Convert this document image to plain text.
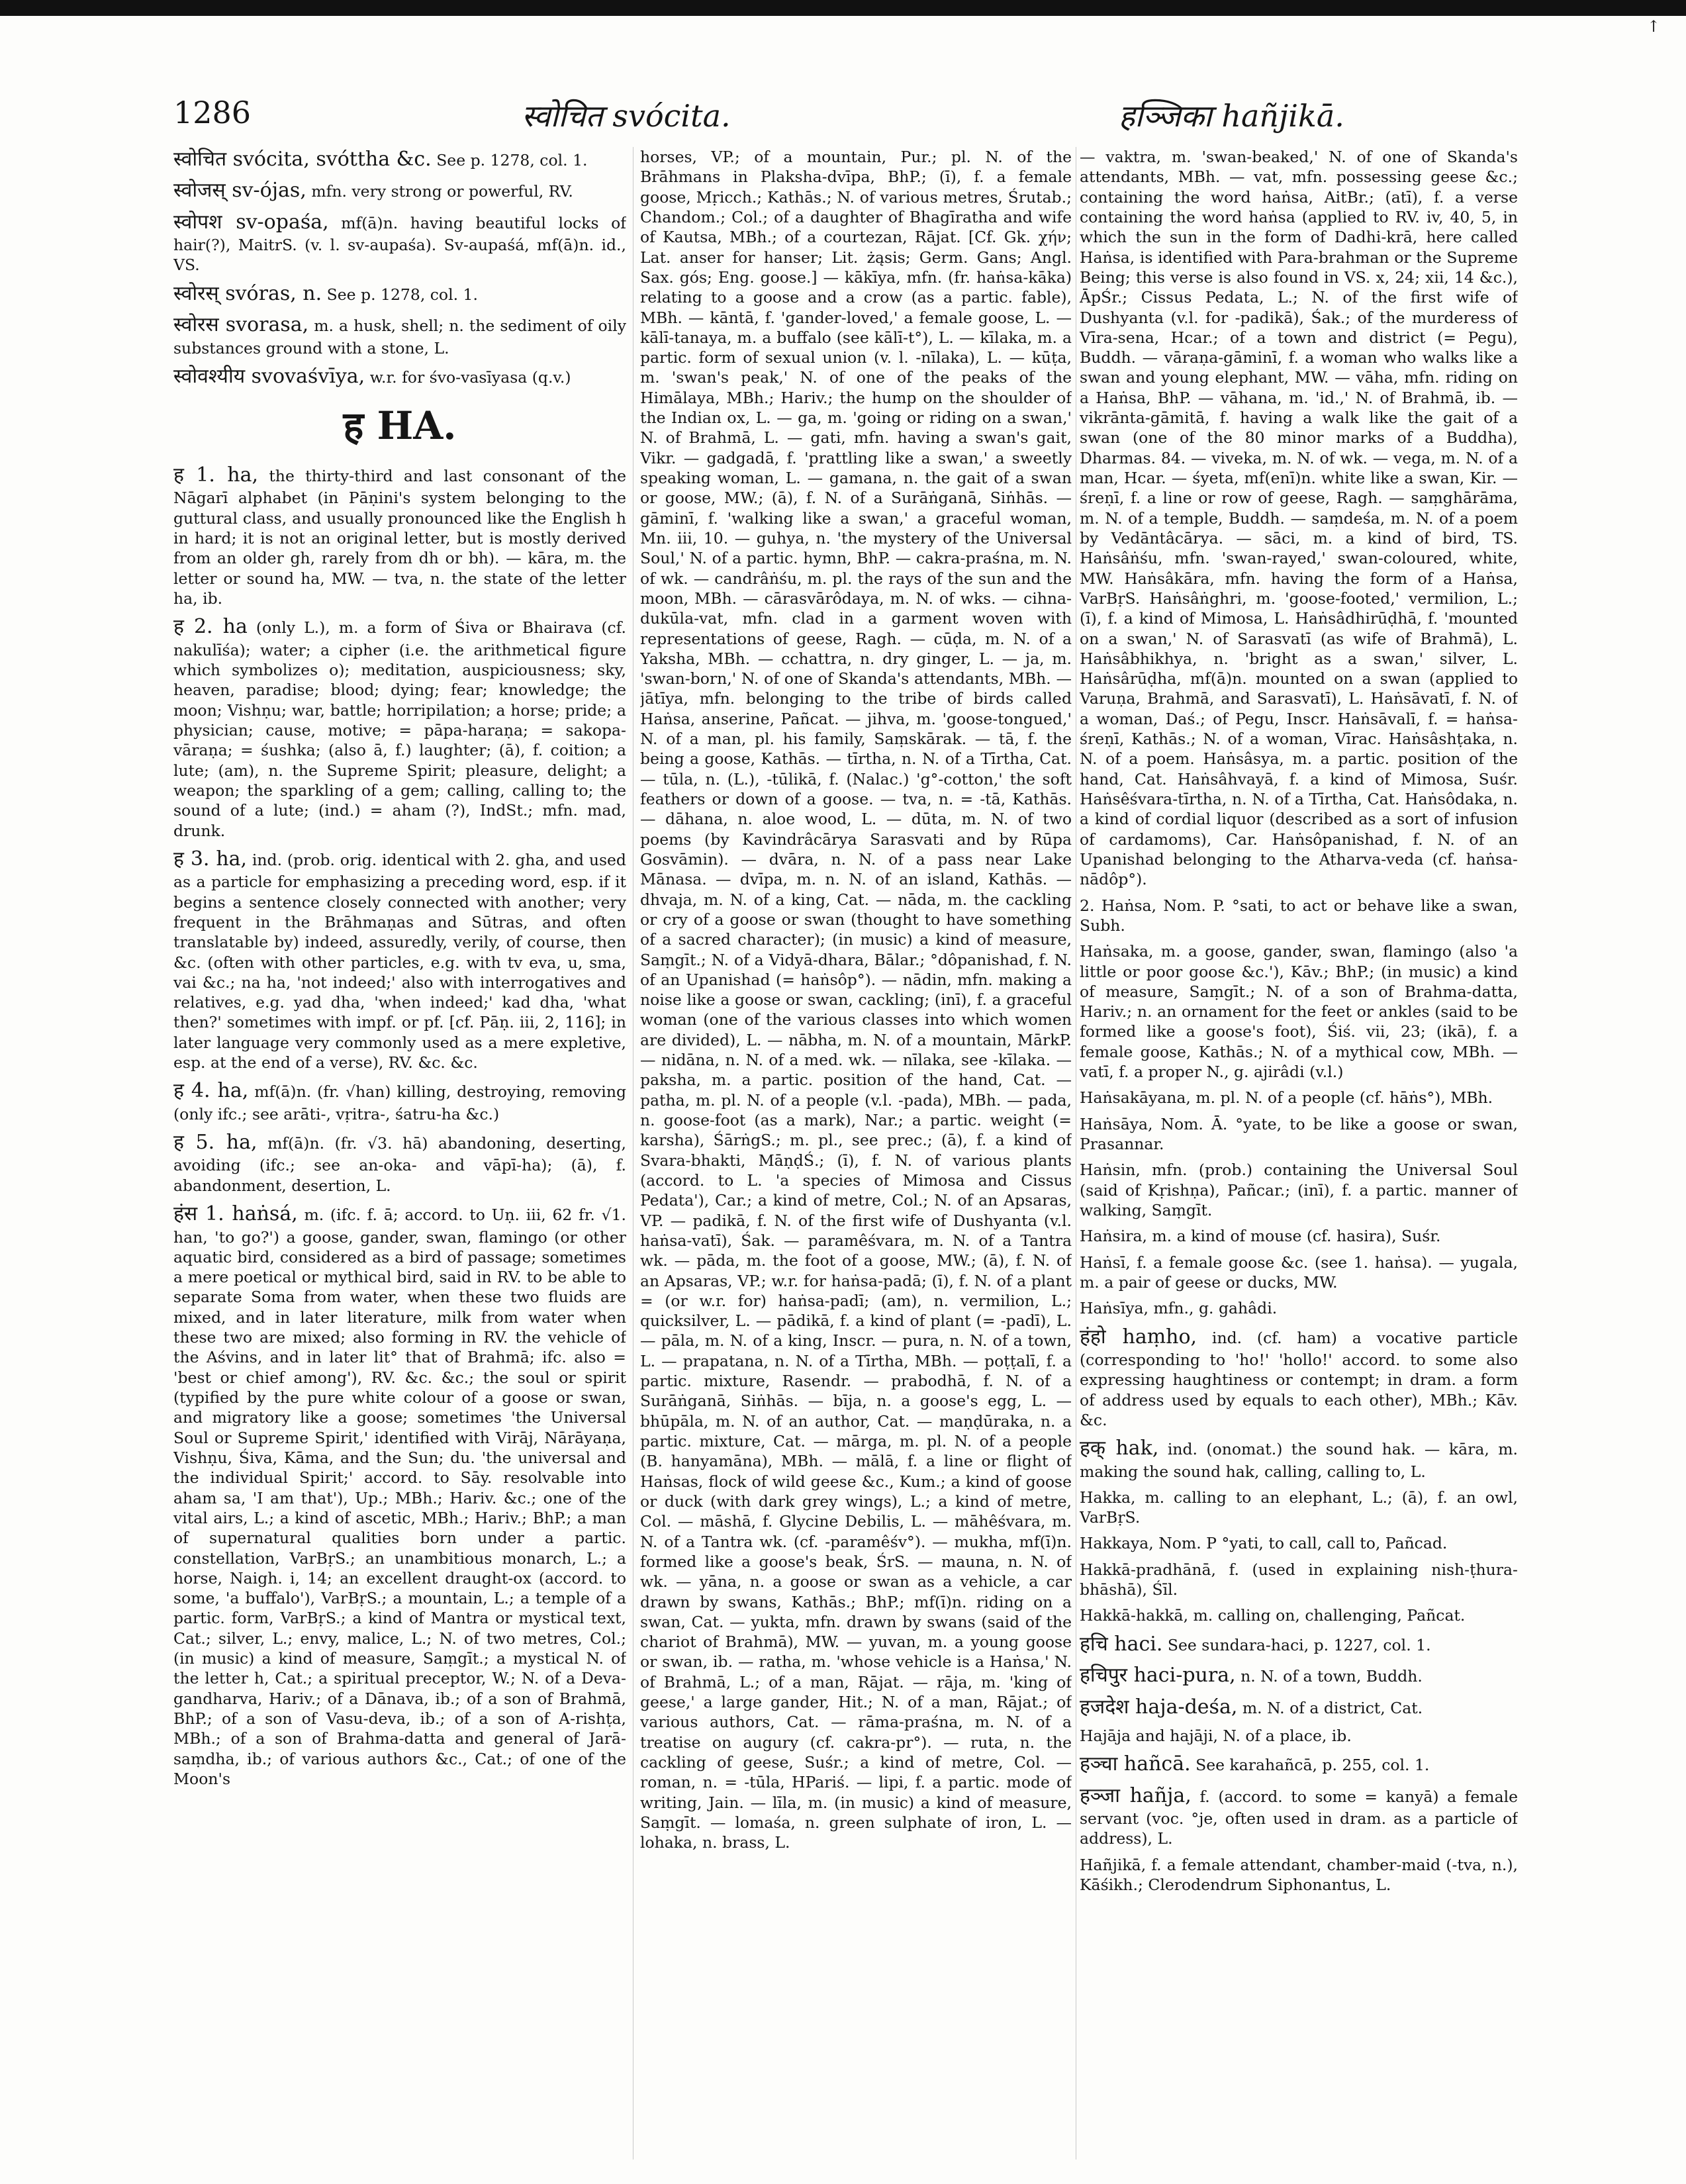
↑
1286	स्वोचित svócita.	हञ्जिका hañjikā.

स्वोचित svócita, svóttha &c. See p. 1278, col. 1.

स्वोजस् sv-ójas, mfn. very strong or powerful, RV.

स्वोपश sv-opaśa, mf(ā)n. having beautiful locks of hair(?), MaitrS. (v. l. sv-aupaśa). Sv-aupaśá, mf(ā)n. id., VS.

स्वोरस् svóras, n. See p. 1278, col. 1.

स्वोरस svorasa, m. a husk, shell; n. the sediment of oily substances ground with a stone, L.

स्वोवश्यीय svovaśvīya, w.r. for śvo-vasīyasa (q.v.)

ह HA.

ह 1. ha, the thirty-third and last consonant of the Nāgarī alphabet (in Pāṇini's system belonging to the guttural class, and usually pronounced like the English h in hard; it is not an original letter, but is mostly derived from an older gh, rarely from dh or bh). — kāra, m. the letter or sound ha, MW. — tva, n. the state of the letter ha, ib.

ह 2. ha (only L.), m. a form of Śiva or Bhairava (cf. nakulīśa); water; a cipher (i.e. the arithmetical figure which symbolizes o); meditation, auspiciousness; sky, heaven, paradise; blood; dying; fear; knowledge; the moon; Vishṇu; war, battle; horripilation; a horse; pride; a physician; cause, motive; = pāpa-haraṇa; = sakopa-vāraṇa; = śushka; (also ā, f.) laughter; (ā), f. coition; a lute; (am), n. the Supreme Spirit; pleasure, delight; a weapon; the sparkling of a gem; calling, calling to; the sound of a lute; (ind.) = aham (?), IndSt.; mfn. mad, drunk.

ह 3. ha, ind. (prob. orig. identical with 2. gha, and used as a particle for emphasizing a preceding word, esp. if it begins a sentence closely connected with another; very frequent in the Brāhmaṇas and Sūtras, and often translatable by) indeed, assuredly, verily, of course, then &c. (often with other particles, e.g. with tv eva, u, sma, vai &c.; na ha, 'not indeed;' also with interrogatives and relatives, e.g. yad dha, 'when indeed;' kad dha, 'what then?' sometimes with impf. or pf. [cf. Pāṇ. iii, 2, 116]; in later language very commonly used as a mere expletive, esp. at the end of a verse), RV. &c. &c.

ह 4. ha, mf(ā)n. (fr. √han) killing, destroying, removing (only ifc.; see arāti-, vṛitra-, śatru-ha &c.)

ह 5. ha, mf(ā)n. (fr. √3. hā) abandoning, deserting, avoiding (ifc.; see an-oka- and vāpī-ha); (ā), f. abandonment, desertion, L.

हंस 1. haṅsá, m. (ifc. f. ā; accord. to Uṇ. iii, 62 fr. √1. han, 'to go?') a goose, gander, swan, flamingo (or other aquatic bird, considered as a bird of passage; sometimes a mere poetical or mythical bird, said in RV. to be able to separate Soma from water, when these two fluids are mixed, and in later literature, milk from water when these two are mixed; also forming in RV. the vehicle of the Aśvins, and in later lit° that of Brahmā; ifc. also = 'best or chief among'), RV. &c. &c.; the soul or spirit (typified by the pure white colour of a goose or swan, and migratory like a goose; sometimes 'the Universal Soul or Supreme Spirit,' identified with Virāj, Nārāyaṇa, Vishṇu, Śiva, Kāma, and the Sun; du. 'the universal and the individual Spirit;' accord. to Sāy. resolvable into aham sa, 'I am that'), Up.; MBh.; Hariv. &c.; one of the vital airs, L.; a kind of ascetic, MBh.; Hariv.; BhP.; a man of supernatural qualities born under a partic. constellation, VarBṛS.; an unambitious monarch, L.; a horse, Naigh. i, 14; an excellent draught-ox (accord. to some, 'a buffalo'), VarBṛS.; a mountain, L.; a temple of a partic. form, VarBṛS.; a kind of Mantra or mystical text, Cat.; silver, L.; envy, malice, L.; N. of two metres, Col.; (in music) a kind of measure, Saṃgīt.; a mystical N. of the letter h, Cat.; a spiritual preceptor, W.; N. of a Deva-gandharva, Hariv.; of a Dānava, ib.; of a son of Brahmā, BhP.; of a son of Vasu-deva, ib.; of a son of A-rishṭa, MBh.; of a son of Brahma-datta and general of Jarā-saṃdha, ib.; of various authors &c., Cat.; of one of the Moon's

horses, VP.; of a mountain, Pur.; pl. N. of the Brāhmans in Plaksha-dvīpa, BhP.; (ī), f. a female goose, Mṛicch.; Kathās.; N. of various metres, Śrutab.; Chandom.; Col.; of a daughter of Bhagīratha and wife of Kautsa, MBh.; of a courtezan, Rājat. [Cf. Gk. χήν; Lat. anser for hanser; Lit. żąsis; Germ. Gans; Angl. Sax. gós; Eng. goose.] — kākīya, mfn. (fr. haṅsa-kāka) relating to a goose and a crow (as a partic. fable), MBh. — kāntā, f. 'gander-loved,' a female goose, L. — kālī-tanaya, m. a buffalo (see kālī-t°), L. — kīlaka, m. a partic. form of sexual union (v. l. -nīlaka), L. — kūṭa, m. 'swan's peak,' N. of one of the peaks of the Himālaya, MBh.; Hariv.; the hump on the shoulder of the Indian ox, L. — ga, m. 'going or riding on a swan,' N. of Brahmā, L. — gati, mfn. having a swan's gait, Vikr. — gadgadā, f. 'prattling like a swan,' a sweetly speaking woman, L. — gamana, n. the gait of a swan or goose, MW.; (ā), f. N. of a Surāṅganā, Siṅhās. — gāminī, f. 'walking like a swan,' a graceful woman, Mn. iii, 10. — guhya, n. 'the mystery of the Universal Soul,' N. of a partic. hymn, BhP. — cakra-praśna, m. N. of wk. — candrâṅśu, m. pl. the rays of the sun and the moon, MBh. — cārasvārôdaya, m. N. of wks. — cihna-dukūla-vat, mfn. clad in a garment woven with representations of geese, Ragh. — cūḍa, m. N. of a Yaksha, MBh. — cchattra, n. dry ginger, L. — ja, m. 'swan-born,' N. of one of Skanda's attendants, MBh. — jātīya, mfn. belonging to the tribe of birds called Haṅsa, anserine, Pañcat. — jihva, m. 'goose-tongued,' N. of a man, pl. his family, Saṃskārak. — tā, f. the being a goose, Kathās. — tīrtha, n. N. of a Tīrtha, Cat. — tūla, n. (L.), -tūlikā, f. (Nalac.) 'g°-cotton,' the soft feathers or down of a goose. — tva, n. = -tā, Kathās. — dāhana, n. aloe wood, L. — dūta, m. N. of two poems (by Kavindrâcārya Sarasvati and by Rūpa Gosvāmin). — dvāra, n. N. of a pass near Lake Mānasa. — dvīpa, m. n. N. of an island, Kathās. — dhvaja, m. N. of a king, Cat. — nāda, m. the cackling or cry of a goose or swan (thought to have something of a sacred character); (in music) a kind of measure, Saṃgīt.; N. of a Vidyā-dhara, Bālar.; °dôpanishad, f. N. of an Upanishad (= haṅsôp°). — nādin, mfn. making a noise like a goose or swan, cackling; (inī), f. a graceful woman (one of the various classes into which women are divided), L. — nābha, m. N. of a mountain, MārkP. — nidāna, n. N. of a med. wk. — nīlaka, see -kīlaka. — paksha, m. a partic. position of the hand, Cat. — patha, m. pl. N. of a people (v.l. -pada), MBh. — pada, n. goose-foot (as a mark), Nar.; a partic. weight (= karsha), ŚārṅgS.; m. pl., see prec.; (ā), f. a kind of Svara-bhakti, MāṇḍŚ.; (ī), f. N. of various plants (accord. to L. 'a species of Mimosa and Cissus Pedata'), Car.; a kind of metre, Col.; N. of an Apsaras, VP. — padikā, f. N. of the first wife of Dushyanta (v.l. haṅsa-vatī), Śak. — paramêśvara, m. N. of a Tantra wk. — pāda, m. the foot of a goose, MW.; (ā), f. N. of an Apsaras, VP.; w.r. for haṅsa-padā; (ī), f. N. of a plant = (or w.r. for) haṅsa-padī; (am), n. vermilion, L.; quicksilver, L. — pādikā, f. a kind of plant (= -padī), L. — pāla, m. N. of a king, Inscr. — pura, n. N. of a town, L. — prapatana, n. N. of a Tīrtha, MBh. — poṭṭalī, f. a partic. mixture, Rasendr. — prabodhā, f. N. of a Surāṅganā, Siṅhās. — bīja, n. a goose's egg, L. — bhūpāla, m. N. of an author, Cat. — maṇḍūraka, n. a partic. mixture, Cat. — mārga, m. pl. N. of a people (B. hanyamāna), MBh. — mālā, f. a line or flight of Haṅsas, flock of wild geese &c., Kum.; a kind of goose or duck (with dark grey wings), L.; a kind of metre, Col. — māshā, f. Glycine Debilis, L. — māhêśvara, m. N. of a Tantra wk. (cf. -paramêśv°). — mukha, mf(ī)n. formed like a goose's beak, ŚrS. — mauna, n. N. of wk. — yāna, n. a goose or swan as a vehicle, a car drawn by swans, Kathās.; BhP.; mf(ī)n. riding on a swan, Cat. — yukta, mfn. drawn by swans (said of the chariot of Brahmā), MW. — yuvan, m. a young goose or swan, ib. — ratha, m. 'whose vehicle is a Haṅsa,' N. of Brahmā, L.; of a man, Rājat. — rāja, m. 'king of geese,' a large gander, Hit.; N. of a man, Rājat.; of various authors, Cat. — rāma-praśna, m. N. of a treatise on augury (cf. cakra-pr°). — ruta, n. the cackling of geese, Suśr.; a kind of metre, Col. — roman, n. = -tūla, HPariś. — lipi, f. a partic. mode of writing, Jain. — līla, m. (in music) a kind of measure, Saṃgīt. — lomaśa, n. green sulphate of iron, L. — lohaka, n. brass, L.

— vaktra, m. 'swan-beaked,' N. of one of Skanda's attendants, MBh. — vat, mfn. possessing geese &c.; containing the word haṅsa, AitBr.; (atī), f. a verse containing the word haṅsa (applied to RV. iv, 40, 5, in which the sun in the form of Dadhi-krā, here called Haṅsa, is identified with Para-brahman or the Supreme Being; this verse is also found in VS. x, 24; xii, 14 &c.), ĀpŚr.; Cissus Pedata, L.; N. of the first wife of Dushyanta (v.l. for -padikā), Śak.; of the murderess of Vīra-sena, Hcar.; of a town and district (= Pegu), Buddh. — vāraṇa-gāminī, f. a woman who walks like a swan and young elephant, MW. — vāha, mfn. riding on a Haṅsa, BhP. — vāhana, m. 'id.,' N. of Brahmā, ib. — vikrānta-gāmitā, f. having a walk like the gait of a swan (one of the 80 minor marks of a Buddha), Dharmas. 84. — viveka, m. N. of wk. — vega, m. N. of a man, Hcar. — śyeta, mf(enī)n. white like a swan, Kir. — śreṇī, f. a line or row of geese, Ragh. — saṃghārāma, m. N. of a temple, Buddh. — saṃdeśa, m. N. of a poem by Vedāntâcārya. — sāci, m. a kind of bird, TS. Haṅsâṅśu, mfn. 'swan-rayed,' swan-coloured, white, MW. Haṅsâkāra, mfn. having the form of a Haṅsa, VarBṛS. Haṅsâṅghri, m. 'goose-footed,' vermilion, L.; (ī), f. a kind of Mimosa, L. Haṅsâdhirūḍhā, f. 'mounted on a swan,' N. of Sarasvatī (as wife of Brahmā), L. Haṅsâbhikhya, n. 'bright as a swan,' silver, L. Haṅsârūḍha, mf(ā)n. mounted on a swan (applied to Varuṇa, Brahmā, and Sarasvatī), L. Haṅsāvatī, f. N. of a woman, Daś.; of Pegu, Inscr. Haṅsāvalī, f. = haṅsa-śreṇī, Kathās.; N. of a woman, Vīrac. Haṅsâshṭaka, n. N. of a poem. Haṅsâsya, m. a partic. position of the hand, Cat. Haṅsâhvayā, f. a kind of Mimosa, Suśr. Haṅsêśvara-tīrtha, n. N. of a Tīrtha, Cat. Haṅsôdaka, n. a kind of cordial liquor (described as a sort of infusion of cardamoms), Car. Haṅsôpanishad, f. N. of an Upanishad belonging to the Atharva-veda (cf. haṅsa-nādôp°).

2. Haṅsa, Nom. P. °sati, to act or behave like a swan, Subh.

Haṅsaka, m. a goose, gander, swan, flamingo (also 'a little or poor goose &c.'), Kāv.; BhP.; (in music) a kind of measure, Saṃgīt.; N. of a son of Brahma-datta, Hariv.; n. an ornament for the feet or ankles (said to be formed like a goose's foot), Śiś. vii, 23; (ikā), f. a female goose, Kathās.; N. of a mythical cow, MBh. — vatī, f. a proper N., g. ajirâdi (v.l.)

Haṅsakāyana, m. pl. N. of a people (cf. hāṅs°), MBh.

Haṅsāya, Nom. Ā. °yate, to be like a goose or swan, Prasannar.

Haṅsin, mfn. (prob.) containing the Universal Soul (said of Kṛishṇa), Pañcar.; (inī), f. a partic. manner of walking, Saṃgīt.

Haṅsira, m. a kind of mouse (cf. hasira), Suśr.

Haṅsī, f. a female goose &c. (see 1. haṅsa). — yugala, m. a pair of geese or ducks, MW.

Haṅsīya, mfn., g. gahâdi.

हंहो haṃho, ind. (cf. ham) a vocative particle (corresponding to 'ho!' 'hollo!' accord. to some also expressing haughtiness or contempt; in dram. a form of address used by equals to each other), MBh.; Kāv. &c.

हक् hak, ind. (onomat.) the sound hak. — kāra, m. making the sound hak, calling, calling to, L.

Hakka, m. calling to an elephant, L.; (ā), f. an owl, VarBṛS.

Hakkaya, Nom. P °yati, to call, call to, Pañcad.

Hakkā-pradhānā, f. (used in explaining nish-ṭhura-bhāshā), Śīl.

Hakkā-hakkā, m. calling on, challenging, Pañcat.

हचि haci. See sundara-haci, p. 1227, col. 1.

हचिपुर haci-pura, n. N. of a town, Buddh.

हजदेश haja-deśa, m. N. of a district, Cat.

Hajāja and hajāji, N. of a place, ib.

हञ्चा hañcā. See karahañcā, p. 255, col. 1.

हञ्जा hañja, f. (accord. to some = kanyā) a female servant (voc. °je, often used in dram. as a particle of address), L.

Hañjikā, f. a female attendant, chamber-maid (-tva, n.), Kāśikh.; Clerodendrum Siphonantus, L.
